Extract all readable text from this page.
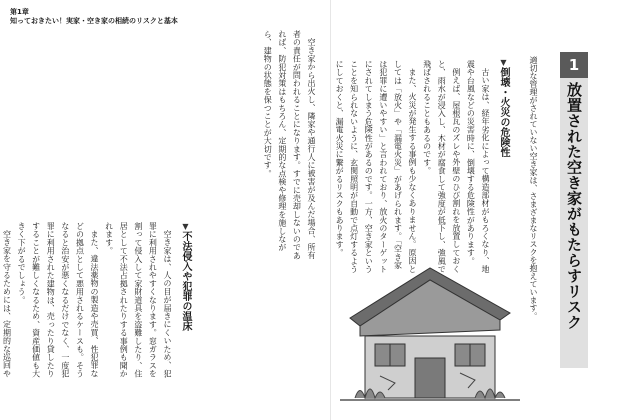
第1章
知っておきたい！実家・空き家の相続のリスクと基本
1
放置された空き家がもたらすリスク
適切な管理がされていない空き家は、さまざまなリスクを抱えています。
▼倒壊・火災の危険性

古い家は、経年劣化によって構造部材がもろくなり、地震や台風などの災害時に、倒壊する危険性があります。

例えば、屋根瓦のズレや外壁のひび割れを放置しておくと、雨水が浸入し、木材が腐食して強度が低下し、強風で飛ばされることもあるのです。

また、火災が発生する事例も少なくありません。原因としては「放火」や「漏電火災」があげられます。「空き家は犯罪に遭いやすい」と言われており、放火のターゲットにされてしまう危険性があるのです。一方、空き家ということを知られないように、玄関照明が自動で点灯するようにしておくと、漏電火災に繋がるリスクもあります。

空き家から出火し、隣家や通行人に被害が及んだ場合、所有者の責任が問われることになります。すでに売却しないのであれば、防犯対策はもちろん、定期的な点検や修理を施しながら、建物の状態を保つことが大切です。

▼不法侵入や犯罪の温床

空き家は、人の目が届きにくいため、犯罪に利用されやすくなります。窓ガラスを割って侵入して家財道具を盗難したり、住居として不法占拠されたりする事例も聞かれます。

また、違法薬物の製造や売買、性犯罪などの拠点として悪用されるケースも。そうなると治安が悪くなるだけでなく、一度犯罪に利用された建物は、売ったり貸したりすることが難しくなるため、資産価値も大きく下がるでしょう。

空き家を守るためには、定期的な巡回や
